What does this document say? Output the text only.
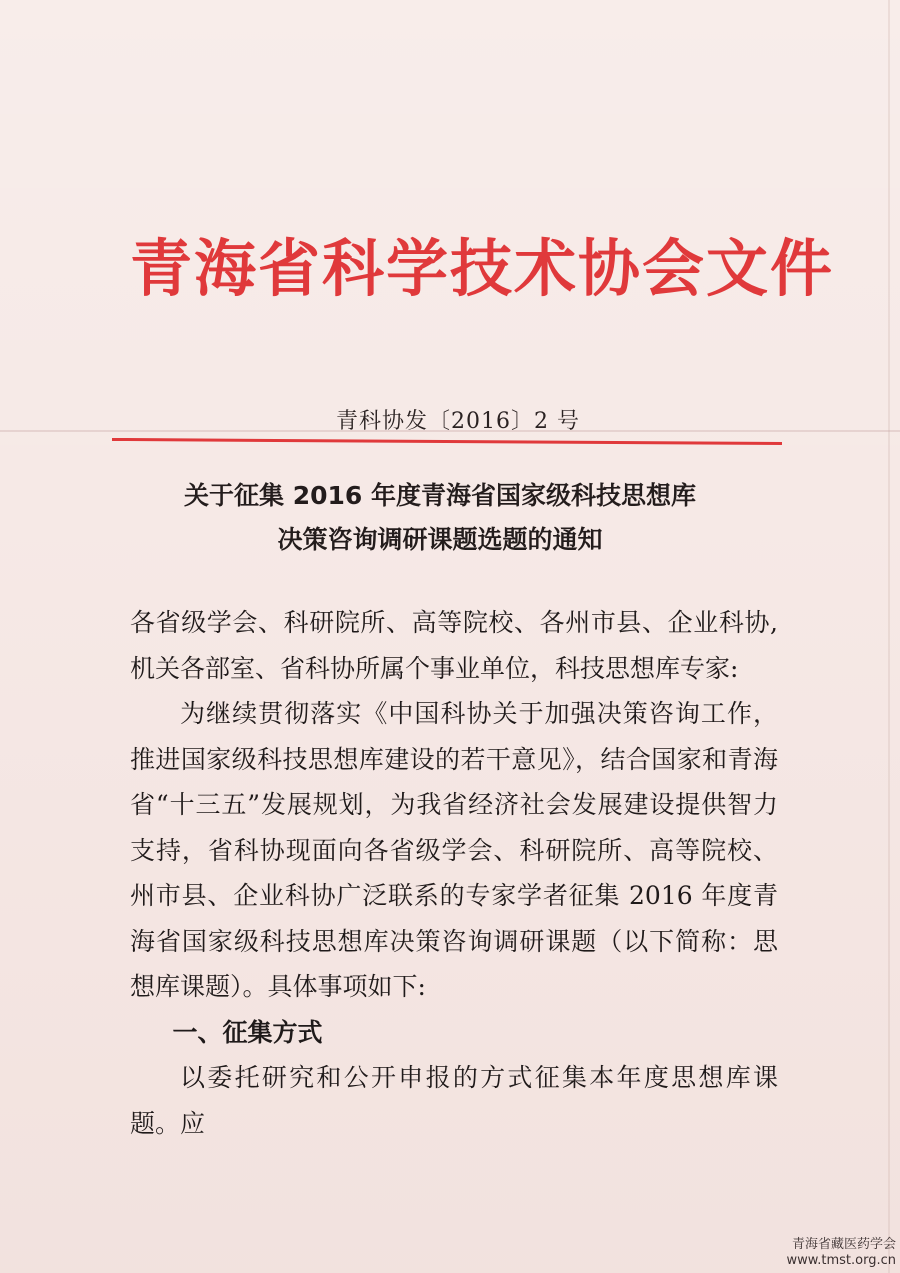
青海省科学技术协会文件
青科协发〔2016〕2 号
关于征集 2016 年度青海省国家级科技思想库
决策咨询调研课题选题的通知

各省级学会、科研院所、高等院校、各州市县、企业科协,机关各部室、省科协所属个事业单位，科技思想库专家:

为继续贯彻落实《中国科协关于加强决策咨询工作，推进国家级科技思想库建设的若干意见》，结合国家和青海省“十三五”发展规划，为我省经济社会发展建设提供智力支持，省科协现面向各省级学会、科研院所、高等院校、州市县、企业科协广泛联系的专家学者征集 2016 年度青海省国家级科技思想库决策咨询调研课题（以下简称：思想库课题）。具体事项如下:

一、征集方式

以委托研究和公开申报的方式征集本年度思想库课题。应

青海省藏医药学会
www.tmst.org.cn
